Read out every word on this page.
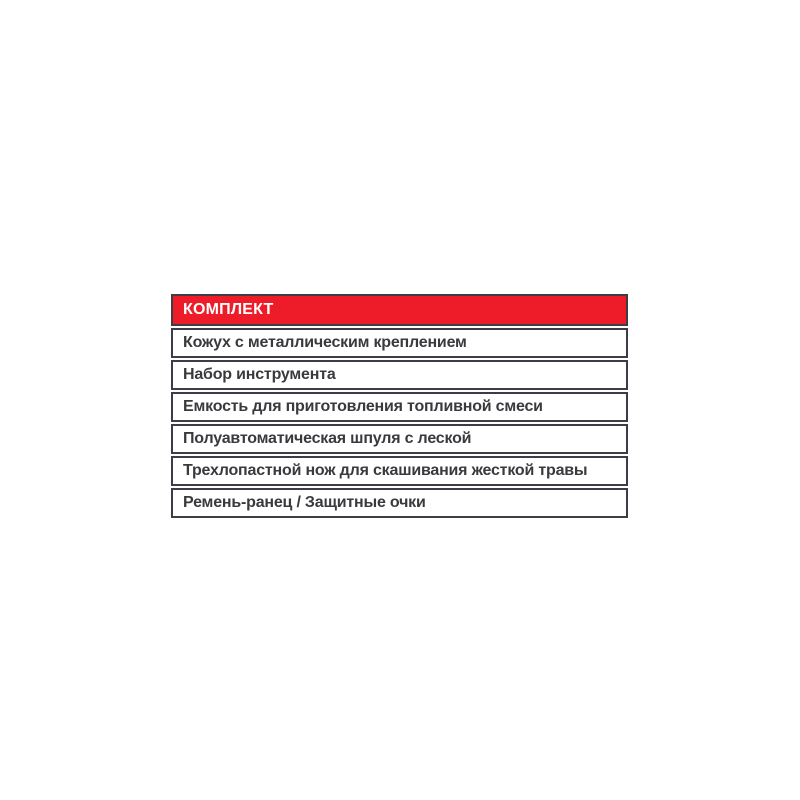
КОМПЛЕКТ
Кожух с металлическим креплением
Набор инструмента
Емкость для приготовления топливной смеси
Полуавтоматическая шпуля с леской
Трехлопастной нож для скашивания жесткой травы
Ремень-ранец / Защитные очки
